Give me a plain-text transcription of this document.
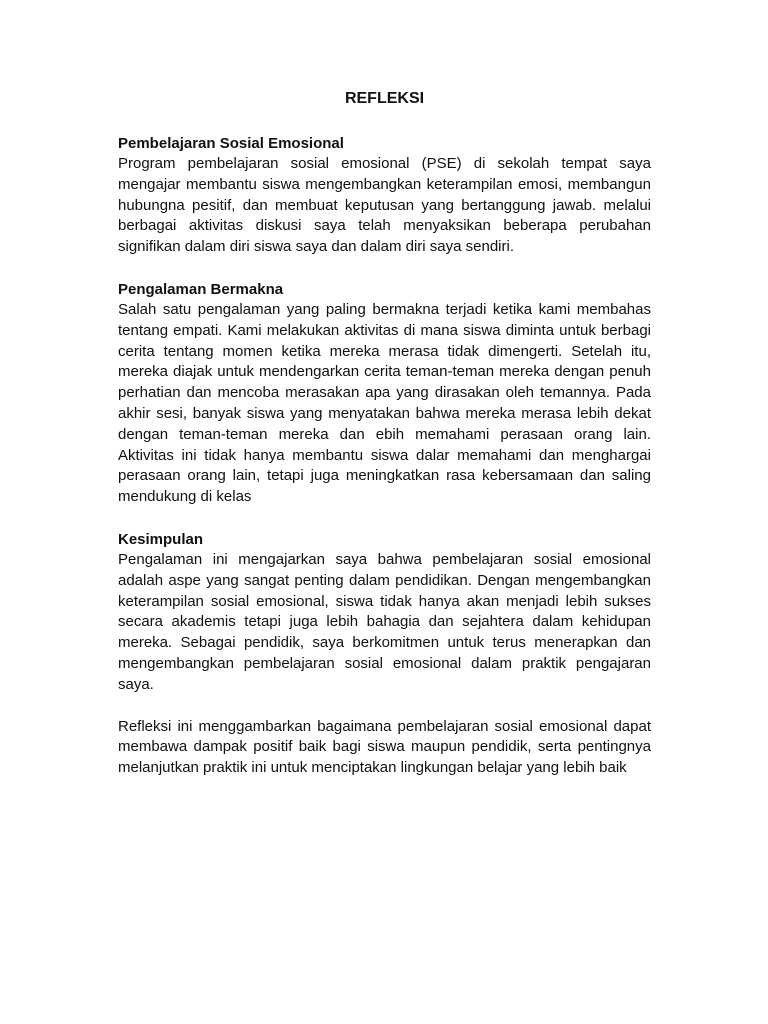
REFLEKSI

Pembelajaran Sosial Emosional

Program pembelajaran sosial emosional (PSE) di sekolah tempat saya mengajar membantu siswa mengembangkan keterampilan emosi, membangun hubungna pesitif, dan membuat keputusan yang bertanggung jawab. melalui berbagai aktivitas diskusi saya telah menyaksikan beberapa perubahan signifikan dalam diri siswa saya dan dalam diri saya sendiri.

Pengalaman Bermakna

Salah satu pengalaman yang paling bermakna terjadi ketika kami membahas tentang empati. Kami melakukan aktivitas di mana siswa diminta untuk berbagi cerita tentang momen ketika mereka merasa tidak dimengerti. Setelah itu, mereka diajak untuk mendengarkan cerita teman-teman mereka dengan penuh perhatian dan mencoba merasakan apa yang dirasakan oleh temannya. Pada akhir sesi, banyak siswa yang menyatakan bahwa mereka merasa lebih dekat dengan teman-teman mereka dan ebih memahami perasaan orang lain. Aktivitas ini tidak hanya membantu siswa dalar memahami dan menghargai perasaan orang lain, tetapi juga meningkatkan rasa kebersamaan dan saling mendukung di kelas

Kesimpulan

Pengalaman ini mengajarkan saya bahwa pembelajaran sosial emosional adalah aspe yang sangat penting dalam pendidikan. Dengan mengembangkan keterampilan sosial emosional, siswa tidak hanya akan menjadi lebih sukses secara akademis tetapi juga lebih bahagia dan sejahtera dalam kehidupan mereka. Sebagai pendidik, saya berkomitmen untuk terus menerapkan dan mengembangkan pembelajaran sosial emosional dalam praktik pengajaran saya.

Refleksi ini menggambarkan bagaimana pembelajaran sosial emosional dapat membawa dampak positif baik bagi siswa maupun pendidik, serta pentingnya melanjutkan praktik ini untuk menciptakan lingkungan belajar yang lebih baik
